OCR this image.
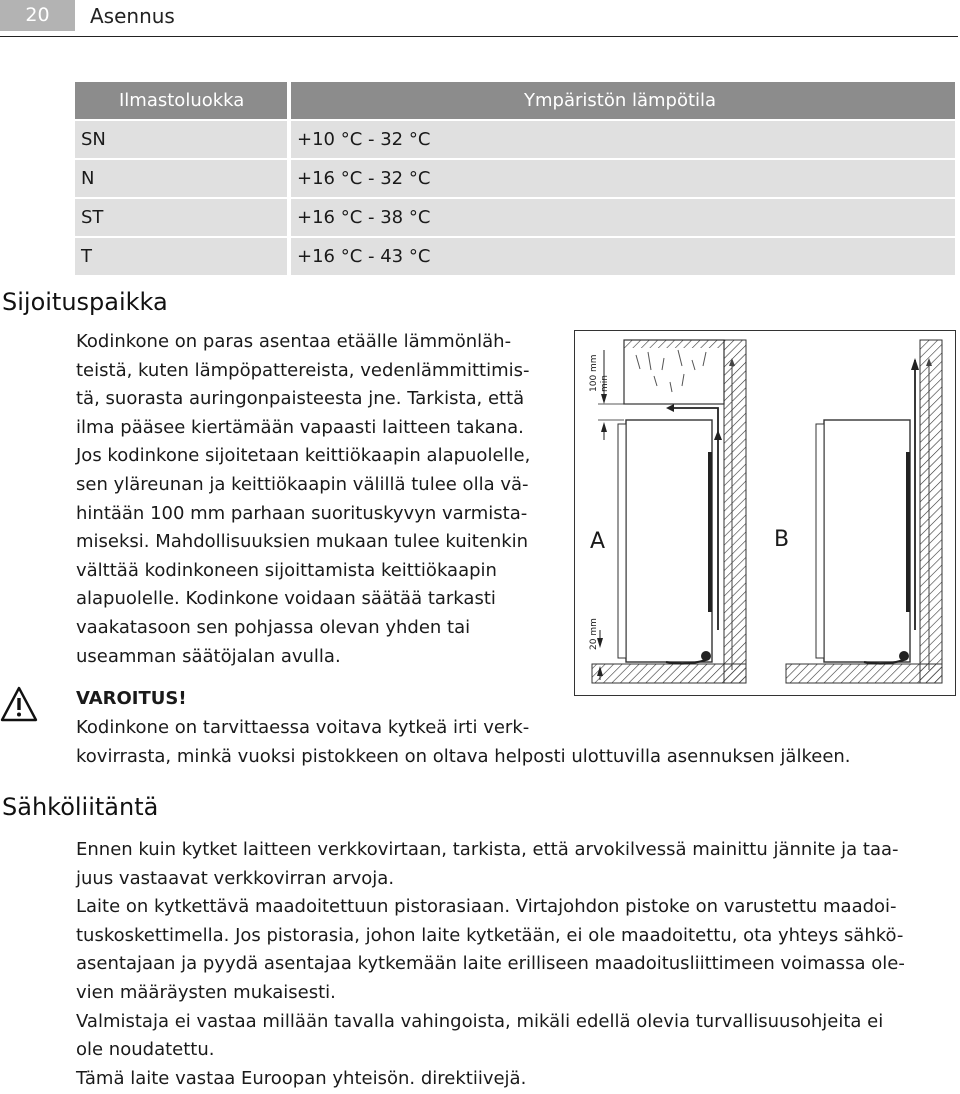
20	Asennus
Ilmastoluokka	Ympäristön lämpötila
SN	+10 °C - 32 °C
N	+16 °C - 32 °C
ST	+16 °C - 38 °C
T	+16 °C - 43 °C
Sijoituspaikka
Kodinkone on paras asentaa etäälle lämmönläh-
teistä, kuten lämpöpattereista, vedenlämmittimis-
tä, suorasta auringonpaisteesta jne. Tarkista, että
ilma pääsee kiertämään vapaasti laitteen takana.
Jos kodinkone sijoitetaan keittiökaapin alapuolelle,
sen yläreunan ja keittiökaapin välillä tulee olla vä-
hintään 100 mm parhaan suorituskyvyn varmista-
miseksi. Mahdollisuuksien mukaan tulee kuitenkin
välttää kodinkoneen sijoittamista keittiökaapin
alapuolelle. Kodinkone voidaan säätää tarkasti
vaakatasoon sen pohjassa olevan yhden tai
useamman säätöjalan avulla.
100 mm min
20 mm
A	B
VAROITUS!
Kodinkone on tarvittaessa voitava kytkeä irti verk-
kovirrasta, minkä vuoksi pistokkeen on oltava helposti ulottuvilla asennuksen jälkeen.
Sähköliitäntä
Ennen kuin kytket laitteen verkkovirtaan, tarkista, että arvokilvessä mainittu jännite ja taa-
juus vastaavat verkkovirran arvoja.
Laite on kytkettävä maadoitettuun pistorasiaan. Virtajohdon pistoke on varustettu maadoi-
tuskoskettimella. Jos pistorasia, johon laite kytketään, ei ole maadoitettu, ota yhteys sähkö-
asentajaan ja pyydä asentajaa kytkemään laite erilliseen maadoitusliittimeen voimassa ole-
vien määräysten mukaisesti.
Valmistaja ei vastaa millään tavalla vahingoista, mikäli edellä olevia turvallisuusohjeita ei
ole noudatettu.
Tämä laite vastaa Euroopan yhteisön. direktiivejä.
